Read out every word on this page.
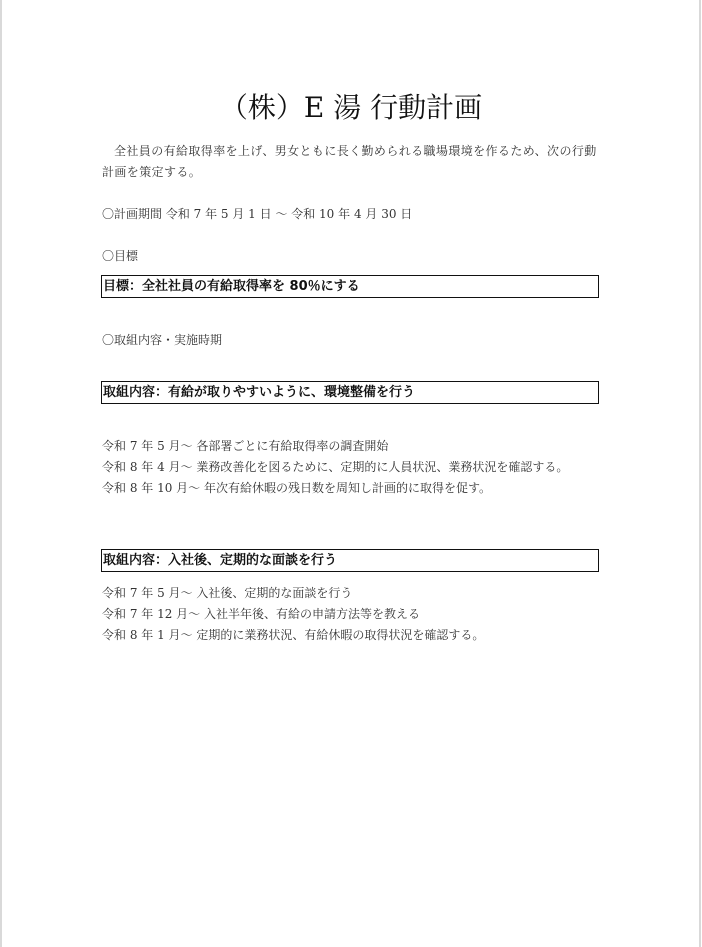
（株）E 湯 行動計画
全社員の有給取得率を上げ、男女ともに長く勤められる職場環境を作るため、次の行動計画を策定する。
〇計画期間 令和 7 年 5 月 1 日 〜 令和 10 年 4 月 30 日
〇目標
目標：全社社員の有給取得率を 80％にする
〇取組内容・実施時期
取組内容：有給が取りやすいように、環境整備を行う
令和 7 年 5 月〜 各部署ごとに有給取得率の調査開始
令和 8 年 4 月〜 業務改善化を図るために、定期的に人員状況、業務状況を確認する。
令和 8 年 10 月〜 年次有給休暇の残日数を周知し計画的に取得を促す。
取組内容：入社後、定期的な面談を行う
令和 7 年 5 月〜 入社後、定期的な面談を行う
令和 7 年 12 月〜 入社半年後、有給の申請方法等を教える
令和 8 年 1 月〜 定期的に業務状況、有給休暇の取得状況を確認する。
